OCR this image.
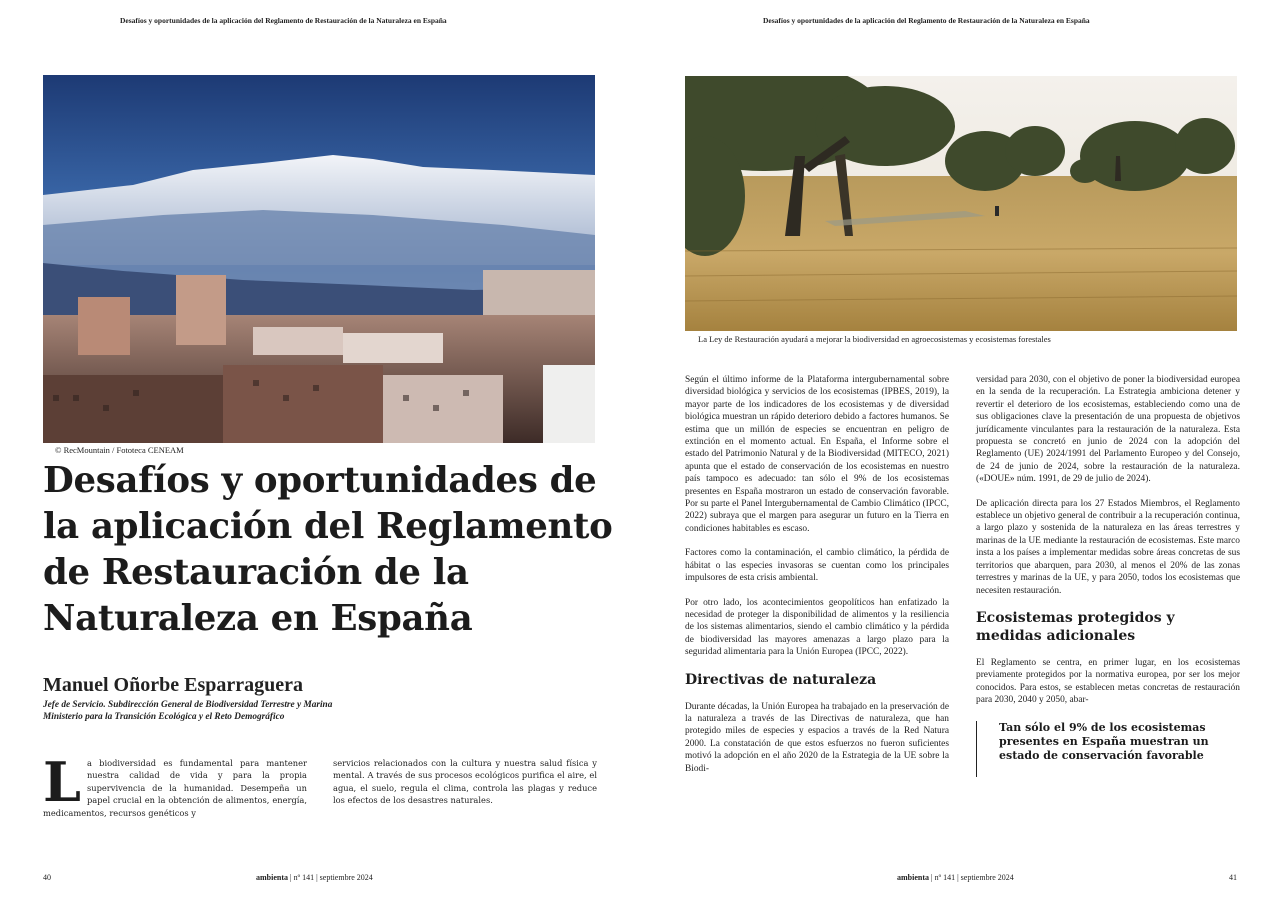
Desafíos y oportunidades de la aplicación del Reglamento de Restauración de la Naturaleza en España
© RecMountain / Fototeca CENEAM
Desafíos y oportunidades de la aplicación del Reglamento de Restauración de la Naturaleza en España
Manuel Oñorbe Esparraguera
Jefe de Servicio. Subdirección General de Biodiversidad Terrestre y Marina
Ministerio para la Transición Ecológica y el Reto Demográfico

La biodiversidad es fundamental para mantener nuestra calidad de vida y para la propia supervivencia de la humanidad. Desempeña un papel crucial en la obtención de alimentos, energía, medicamentos, recursos genéticos y

servicios relacionados con la cultura y nuestra salud física y mental. A través de sus procesos ecológicos purifica el aire, el agua, el suelo, regula el clima, controla las plagas y reduce los efectos de los desastres naturales.

40	ambienta | nº 141 | septiembre 2024
Desafíos y oportunidades de la aplicación del Reglamento de Restauración de la Naturaleza en España
La Ley de Restauración ayudará a mejorar la biodiversidad en agroecosistemas y ecosistemas forestales

Según el último informe de la Plataforma intergubernamental sobre diversidad biológica y servicios de los ecosistemas (IPBES, 2019), la mayor parte de los indicadores de los ecosistemas y de diversidad biológica muestran un rápido deterioro debido a factores humanos. Se estima que un millón de especies se encuentran en peligro de extinción en el momento actual. En España, el Informe sobre el estado del Patrimonio Natural y de la Biodiversidad (MITECO, 2021) apunta que el estado de conservación de los ecosistemas en nuestro país tampoco es adecuado: tan sólo el 9% de los ecosistemas presentes en España mostraron un estado de conservación favorable. Por su parte el Panel Intergubernamental de Cambio Climático (IPCC, 2022) subraya que el margen para asegurar un futuro en la Tierra en condiciones habitables es escaso.

Factores como la contaminación, el cambio climático, la pérdida de hábitat o las especies invasoras se cuentan como los principales impulsores de esta crisis ambiental.

Por otro lado, los acontecimientos geopolíticos han enfatizado la necesidad de proteger la disponibilidad de alimentos y la resiliencia de los sistemas alimentarios, siendo el cambio climático y la pérdida de biodiversidad las mayores amenazas a largo plazo para la seguridad alimentaria para la Unión Europea (IPCC, 2022).

Directivas de naturaleza

Durante décadas, la Unión Europea ha trabajado en la preservación de la naturaleza a través de las Directivas de naturaleza, que han protegido miles de especies y espacios a través de la Red Natura 2000. La constatación de que estos esfuerzos no fueron suficientes motivó la adopción en el año 2020 de la Estrategia de la UE sobre la Biodi-

versidad para 2030, con el objetivo de poner la biodiversidad europea en la senda de la recuperación. La Estrategia ambiciona detener y revertir el deterioro de los ecosistemas, estableciendo como una de sus obligaciones clave la presentación de una propuesta de objetivos jurídicamente vinculantes para la restauración de la naturaleza. Esta propuesta se concretó en junio de 2024 con la adopción del Reglamento (UE) 2024/1991 del Parlamento Europeo y del Consejo, de 24 de junio de 2024, sobre la restauración de la naturaleza. («DOUE» núm. 1991, de 29 de julio de 2024).

De aplicación directa para los 27 Estados Miembros, el Reglamento establece un objetivo general de contribuir a la recuperación continua, a largo plazo y sostenida de la naturaleza en las áreas terrestres y marinas de la UE mediante la restauración de ecosistemas. Este marco insta a los países a implementar medidas sobre áreas concretas de sus territorios que abarquen, para 2030, al menos el 20% de las zonas terrestres y marinas de la UE, y para 2050, todos los ecosistemas que necesiten restauración.

Ecosistemas protegidos y medidas adicionales

El Reglamento se centra, en primer lugar, en los ecosistemas previamente protegidos por la normativa europea, por ser los mejor conocidos. Para estos, se establecen metas concretas de restauración para 2030, 2040 y 2050, abar-

Tan sólo el 9% de los ecosistemas presentes en España muestran un estado de conservación favorable
ambienta | nº 141 | septiembre 2024	41
